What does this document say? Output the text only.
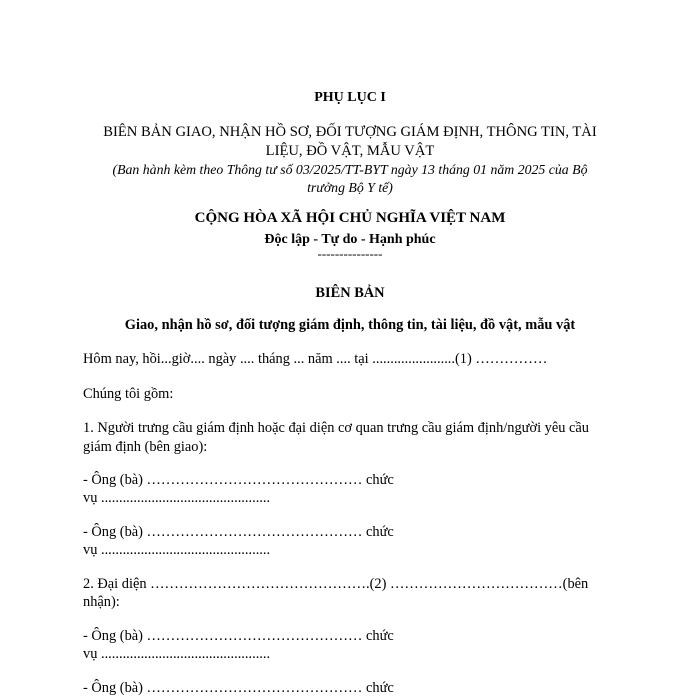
PHỤ LỤC I
BIÊN BẢN GIAO, NHẬN HỒ SƠ, ĐỐI TƯỢNG GIÁM ĐỊNH, THÔNG TIN, TÀI
LIỆU, ĐỒ VẬT, MẪU VẬT
(Ban hành kèm theo Thông tư số 03/2025/TT-BYT ngày 13 tháng 01 năm 2025 của Bộ
trưởng Bộ Y tế)
CỘNG HÒA XÃ HỘI CHỦ NGHĨA VIỆT NAM
Độc lập - Tự do - Hạnh phúc
---------------
BIÊN BẢN
Giao, nhận hồ sơ, đối tượng giám định, thông tin, tài liệu, đồ vật, mẫu vật
Hôm nay, hồi...giờ.... ngày .... tháng ... năm .... tại .......................(1) ……………
Chúng tôi gồm:
1. Người trưng cầu giám định hoặc đại diện cơ quan trưng cầu giám định/người yêu cầu
giám định (bên giao):
- Ông (bà) ……………………………………… chức
vụ ...............................................
- Ông (bà) ……………………………………… chức
vụ ...............................................
2. Đại diện ……………………………………….(2) ………………………………(bên
nhận):
- Ông (bà) ……………………………………… chức
vụ ...............................................
- Ông (bà) ……………………………………… chức
